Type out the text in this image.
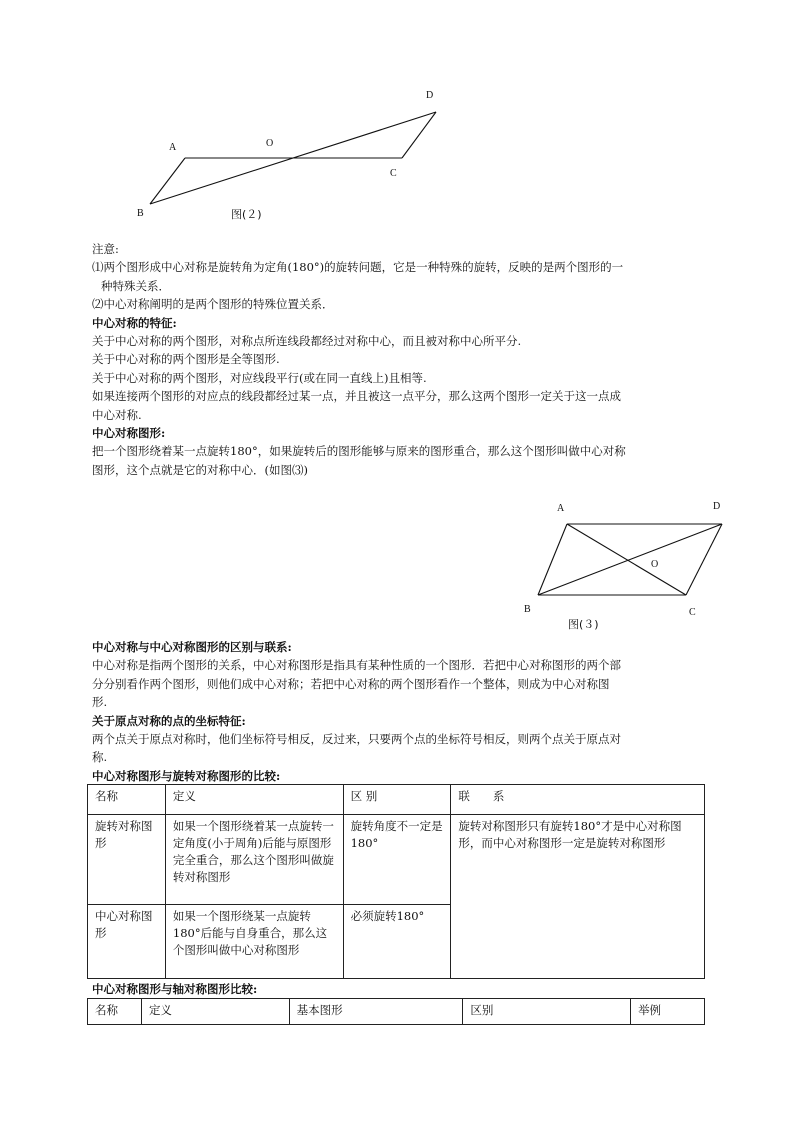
A	O
D
C
B	图(２)

注意:

⑴两个图形成中心对称是旋转角为定角(180°)的旋转问题，它是一种特殊的旋转，反映的是两个图形的一

种特殊关系．

⑵中心对称阐明的是两个图形的特殊位置关系．

中心对称的特征:

关于中心对称的两个图形，对称点所连线段都经过对称中心，而且被对称中心所平分.

关于中心对称的两个图形是全等图形.

关于中心对称的两个图形，对应线段平行(或在同一直线上)且相等.

如果连接两个图形的对应点的线段都经过某一点，并且被这一点平分，那么这两个图形一定关于这一点成

中心对称.

中心对称图形:

把一个图形绕着某一点旋转180°，如果旋转后的图形能够与原来的图形重合，那么这个图形叫做中心对称

图形，这个点就是它的对称中心．(如图⑶)

A	D
O
B	C
图(３)

中心对称与中心对称图形的区别与联系:

中心对称是指两个图形的关系，中心对称图形是指具有某种性质的一个图形．若把中心对称图形的两个部

分分别看作两个图形，则他们成中心对称；若把中心对称的两个图形看作一个整体，则成为中心对称图

形.

关于原点对称的点的坐标特征:

两个点关于原点对称时，他们坐标符号相反，反过来，只要两个点的坐标符号相反，则两个点关于原点对

称.

中心对称图形与旋转对称图形的比较:

名称	定义	区 别	联　　系
旋转对称图形	如果一个图形绕着某一点旋转一定角度(小于周角)后能与原图形完全重合，那么这个图形叫做旋转对称图形	旋转角度不一定是180°	旋转对称图形只有旋转180°才是中心对称图形，而中心对称图形一定是旋转对称图形
中心对称图形	如果一个图形绕某一点旋转180°后能与自身重合，那么这个图形叫做中心对称图形	必须旋转180°	

中心对称图形与轴对称图形比较:

名称	定义	基本图形	区别	举例
